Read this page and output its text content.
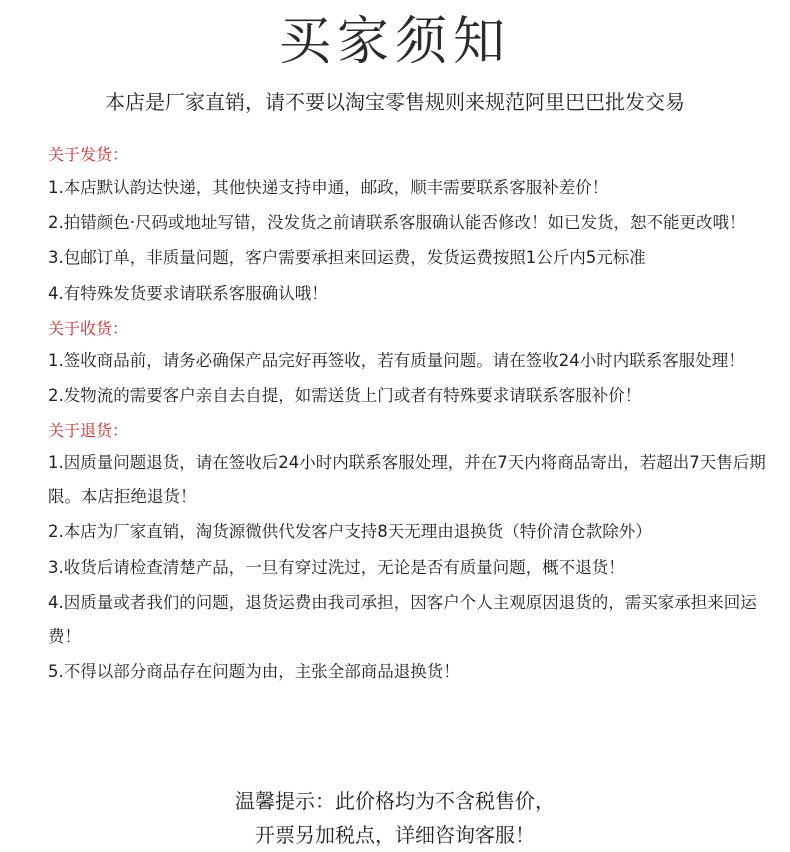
买家须知
本店是厂家直销，请不要以淘宝零售规则来规范阿里巴巴批发交易

关于发货：

1.本店默认韵达快递，其他快递支持申通，邮政，顺丰需要联系客服补差价！

2.拍错颜色·尺码或地址写错，没发货之前请联系客服确认能否修改！如已发货，恕不能更改哦！

3.包邮订单，非质量问题，客户需要承担来回运费，发货运费按照1公斤内5元标准

4.有特殊发货要求请联系客服确认哦！

关于收货：

1.签收商品前，请务必确保产品完好再签收，若有质量问题。请在签收24小时内联系客服处理！

2.发物流的需要客户亲自去自提，如需送货上门或者有特殊要求请联系客服补价！

关于退货：

1.因质量问题退货，请在签收后24小时内联系客服处理，并在7天内将商品寄出，若超出7天售后期限。本店拒绝退货！

2.本店为厂家直销，淘货源微供代发客户支持8天无理由退换货（特价清仓款除外）

3.收货后请检查清楚产品，一旦有穿过洗过，无论是否有质量问题，概不退货！

4.因质量或者我们的问题，退货运费由我司承担，因客户个人主观原因退货的，需买家承担来回运费！

5.不得以部分商品存在问题为由，主张全部商品退换货！

温馨提示：此价格均为不含税售价，
开票另加税点，详细咨询客服！
